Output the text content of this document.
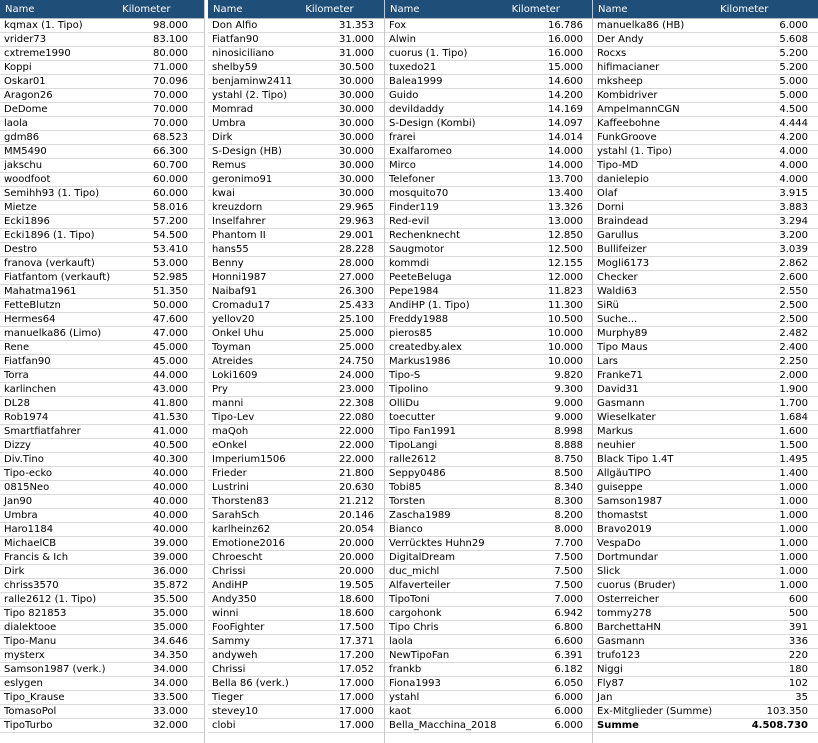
Name	Kilometer
kqmax (1. Tipo)	98.000
vrider73	83.100
cxtreme1990	80.000
Koppi	71.000
Oskar01	70.096
Aragon26	70.000
DeDome	70.000
laola	70.000
gdm86	68.523
MM5490	66.300
jakschu	60.700
woodfoot	60.000
Semihh93 (1. Tipo)	60.000
Mietze	58.016
Ecki1896	57.200
Ecki1896 (1. Tipo)	54.500
Destro	53.410
franova (verkauft)	53.000
Fiatfantom (verkauft)	52.985
Mahatma1961	51.350
FetteBlutzn	50.000
Hermes64	47.600
manuelka86 (Limo)	47.000
Rene	45.000
Fiatfan90	45.000
Torra	44.000
karlinchen	43.000
DL28	41.800
Rob1974	41.530
Smartfiatfahrer	41.000
Dizzy	40.500
Div.Tino	40.300
Tipo-ecko	40.000
0815Neo	40.000
Jan90	40.000
Umbra	40.000
Haro1184	40.000
MichaelCB	39.000
Francis & Ich	39.000
Dirk	36.000
chriss3570	35.872
ralle2612 (1. Tipo)	35.500
Tipo 821853	35.000
dialektooe	35.000
Tipo-Manu	34.646
mysterx	34.350
Samson1987 (verk.)	34.000
eslygen	34.000
Tipo_Krause	33.500
TomasoPol	33.000
TipoTurbo	32.000
Name	Kilometer
Don Alfio	31.353
Fiatfan90	31.000
ninosiciliano	31.000
shelby59	30.500
benjaminw2411	30.000
ystahl (2. Tipo)	30.000
Momrad	30.000
Umbra	30.000
Dirk	30.000
S-Design (HB)	30.000
Remus	30.000
geronimo91	30.000
kwai	30.000
kreuzdorn	29.965
Inselfahrer	29.963
Phantom II	29.001
hans55	28.228
Benny	28.000
Honni1987	27.000
Naibaf91	26.300
Cromadu17	25.433
yellov20	25.100
Onkel Uhu	25.000
Toyman	25.000
Atreides	24.750
Loki1609	24.000
Pry	23.000
manni	22.308
Tipo-Lev	22.080
maQoh	22.000
eOnkel	22.000
Imperium1506	22.000
Frieder	21.800
Lustrini	20.630
Thorsten83	21.212
SarahSch	20.146
karlheinz62	20.054
Emotione2016	20.000
Chroescht	20.000
Chrissi	20.000
AndiHP	19.505
Andy350	18.600
winni	18.600
FooFighter	17.500
Sammy	17.371
andyweh	17.200
Chrissi	17.052
Bella 86 (verk.)	17.000
Tieger	17.000
stevey10	17.000
clobi	17.000
Name	Kilometer
Fox	16.786
Alwin	16.000
cuorus (1. Tipo)	16.000
tuxedo21	15.000
Balea1999	14.600
Guido	14.200
devildaddy	14.169
S-Design (Kombi)	14.097
frarei	14.014
Exalfaromeo	14.000
Mirco	14.000
Telefoner	13.700
mosquito70	13.400
Finder119	13.326
Red-evil	13.000
Rechenknecht	12.850
Saugmotor	12.500
kommdi	12.155
PeeteBeluga	12.000
Pepe1984	11.823
AndiHP (1. Tipo)	11.300
Freddy1988	10.500
pieros85	10.000
createdby.alex	10.000
Markus1986	10.000
Tipo-S	9.820
Tipolino	9.300
OlliDu	9.000
toecutter	9.000
Tipo Fan1991	8.998
TipoLangi	8.888
ralle2612	8.750
Seppy0486	8.500
Tobi85	8.340
Torsten	8.300
Zascha1989	8.200
Bianco	8.000
Verrücktes Huhn29	7.700
DigitalDream	7.500
duc_michl	7.500
Alfaverteiler	7.500
TipoToni	7.000
cargohonk	6.942
Tipo Chris	6.800
laola	6.600
NewTipoFan	6.391
frankb	6.182
Fiona1993	6.050
ystahl	6.000
kaot	6.000
Bella_Macchina_2018	6.000
Name	Kilometer
manuelka86 (HB)	6.000
Der Andy	5.608
Rocxs	5.200
hifimacianer	5.200
mksheep	5.000
Kombidriver	5.000
AmpelmannCGN	4.500
Kaffeebohne	4.444
FunkGroove	4.200
ystahl (1. Tipo)	4.000
Tipo-MD	4.000
danielepio	4.000
Olaf	3.915
Dorni	3.883
Braindead	3.294
Garullus	3.200
Bullifeizer	3.039
Mogli6173	2.862
Checker	2.600
Waldi63	2.550
SiRü	2.500
Suche...	2.500
Murphy89	2.482
Tipo Maus	2.400
Lars	2.250
Franke71	2.000
David31	1.900
Gasmann	1.700
Wieselkater	1.684
Markus	1.600
neuhier	1.500
Black Tipo 1.4T	1.495
AllgäuTIPO	1.400
guiseppe	1.000
Samson1987	1.000
thomastst	1.000
Bravo2019	1.000
VespaDo	1.000
Dortmundar	1.000
Slick	1.000
cuorus (Bruder)	1.000
Österreicher	600
tommy278	500
BarchettaHN	391
Gasmann	336
trufo123	220
Niggi	180
Fly87	102
Jan	35
Ex-Mitglieder (Summe)	103.350
Summe	4.508.730
